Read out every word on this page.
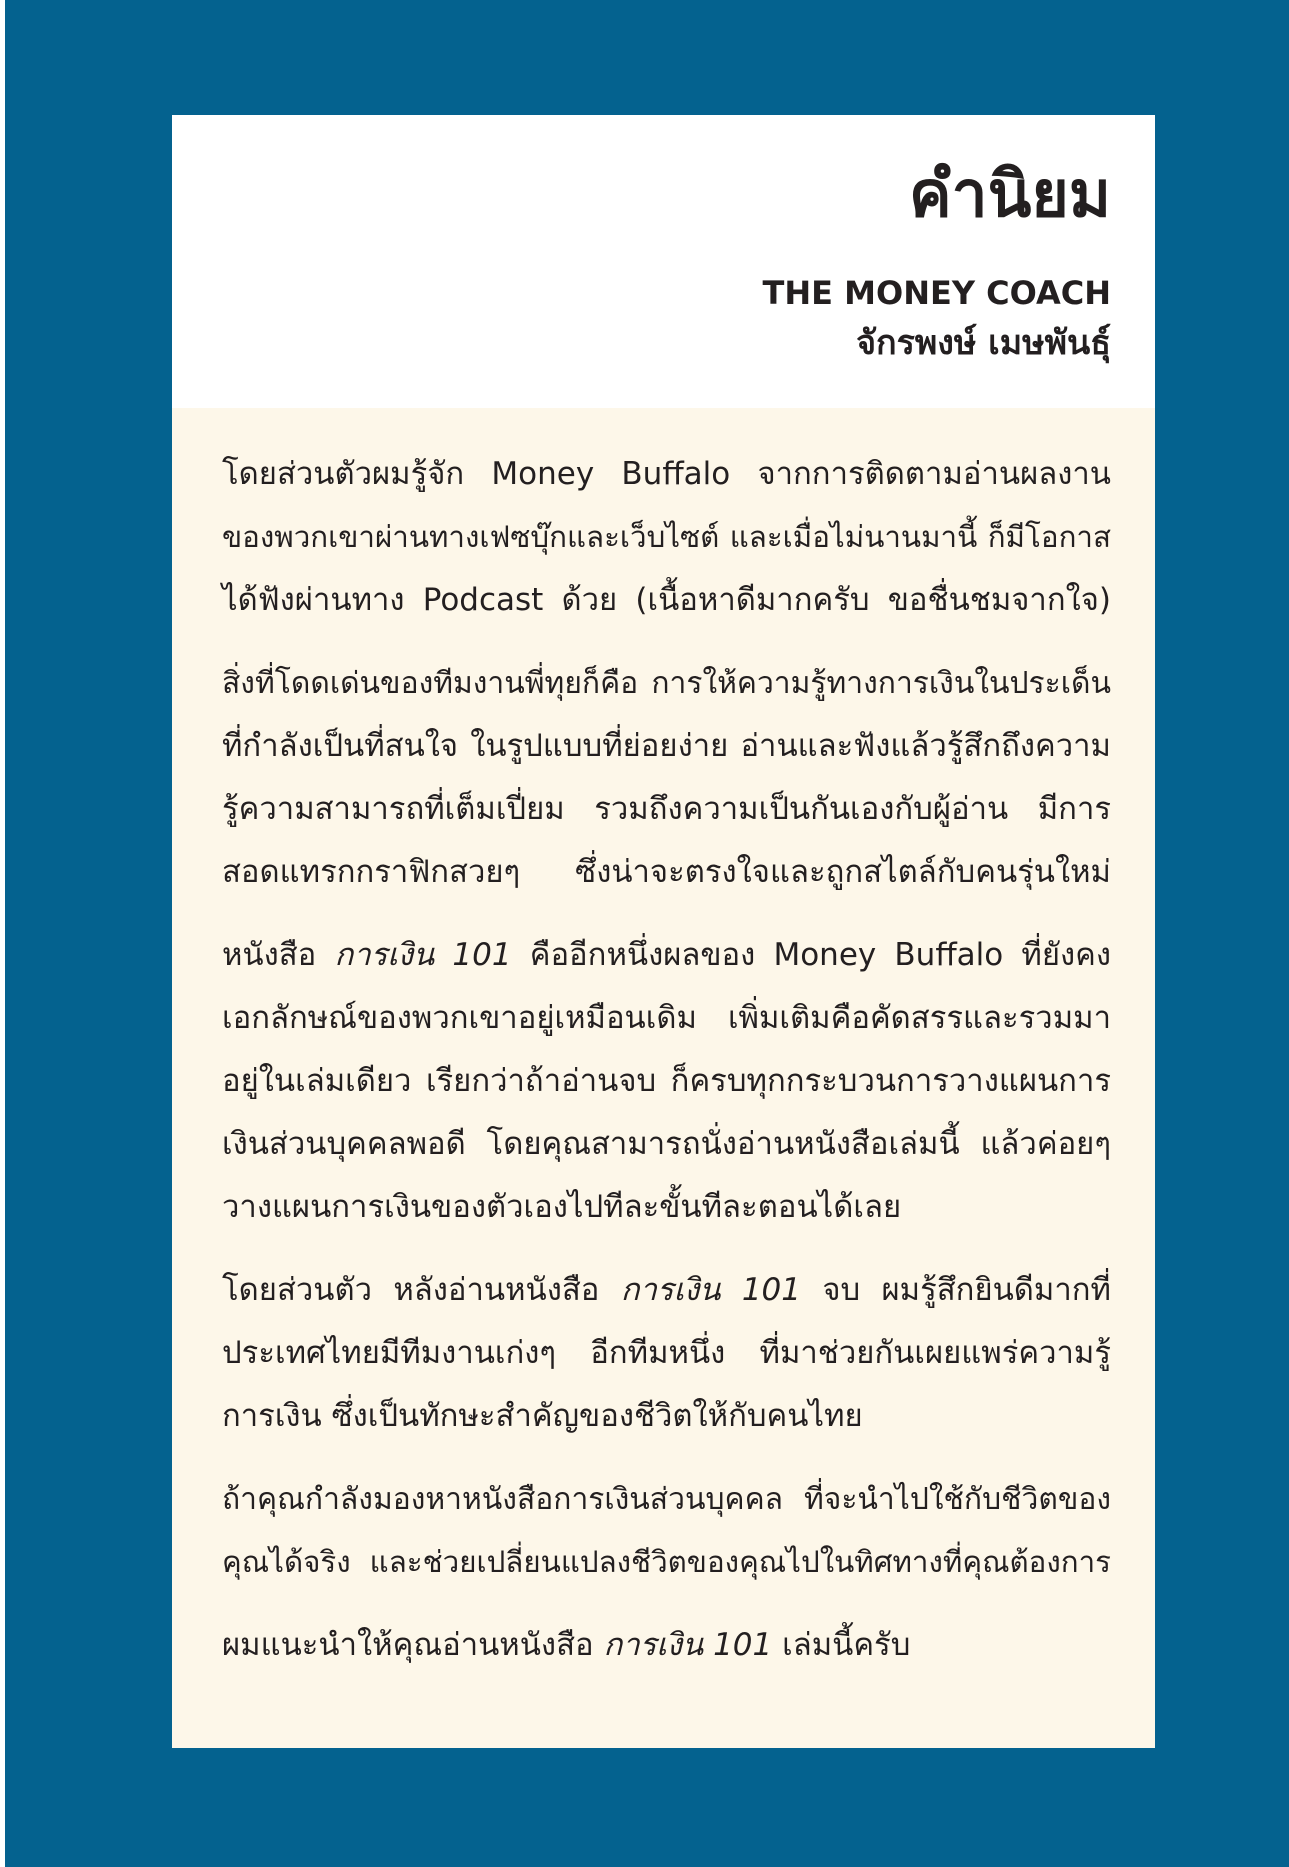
คำนิยม
THE MONEY COACH
จักรพงษ์ เมษพันธุ์

โดยส่วนตัวผมรู้จัก Money Buffalo จากการติดตามอ่านผลงาน
ของพวกเขาผ่านทางเฟซบุ๊กและเว็บไซต์ และเมื่อไม่นานมานี้ ก็มีโอกาส
ได้ฟังผ่านทาง Podcast ด้วย (เนื้อหาดีมากครับ ขอชื่นชมจากใจ)

สิ่งที่โดดเด่นของทีมงานพี่ทุยก็คือ การให้ความรู้ทางการเงินในประเด็น
ที่กำลังเป็นที่สนใจ ในรูปแบบที่ย่อยง่าย อ่านและฟังแล้วรู้สึกถึงความ
รู้ความสามารถที่เต็มเปี่ยม รวมถึงความเป็นกันเองกับผู้อ่าน มีการ
สอดแทรกกราฟิกสวยๆ ซึ่งน่าจะตรงใจและถูกสไตล์กับคนรุ่นใหม่

หนังสือ การเงิน 101 คืออีกหนึ่งผลของ Money Buffalo ที่ยังคง
เอกลักษณ์ของพวกเขาอยู่เหมือนเดิม เพิ่มเติมคือคัดสรรและรวมมา
อยู่ในเล่มเดียว เรียกว่าถ้าอ่านจบ ก็ครบทุกกระบวนการวางแผนการ
เงินส่วนบุคคลพอดี โดยคุณสามารถนั่งอ่านหนังสือเล่มนี้ แล้วค่อยๆ
วางแผนการเงินของตัวเองไปทีละขั้นทีละตอนได้เลย

โดยส่วนตัว หลังอ่านหนังสือ การเงิน 101 จบ ผมรู้สึกยินดีมากที่
ประเทศไทยมีทีมงานเก่งๆ อีกทีมหนึ่ง ที่มาช่วยกันเผยแพร่ความรู้
การเงิน ซึ่งเป็นทักษะสำคัญของชีวิตให้กับคนไทย

ถ้าคุณกำลังมองหาหนังสือการเงินส่วนบุคคล ที่จะนำไปใช้กับชีวิตของ
คุณได้จริง และช่วยเปลี่ยนแปลงชีวิตของคุณไปในทิศทางที่คุณต้องการ

ผมแนะนำให้คุณอ่านหนังสือ การเงิน 101 เล่มนี้ครับ
